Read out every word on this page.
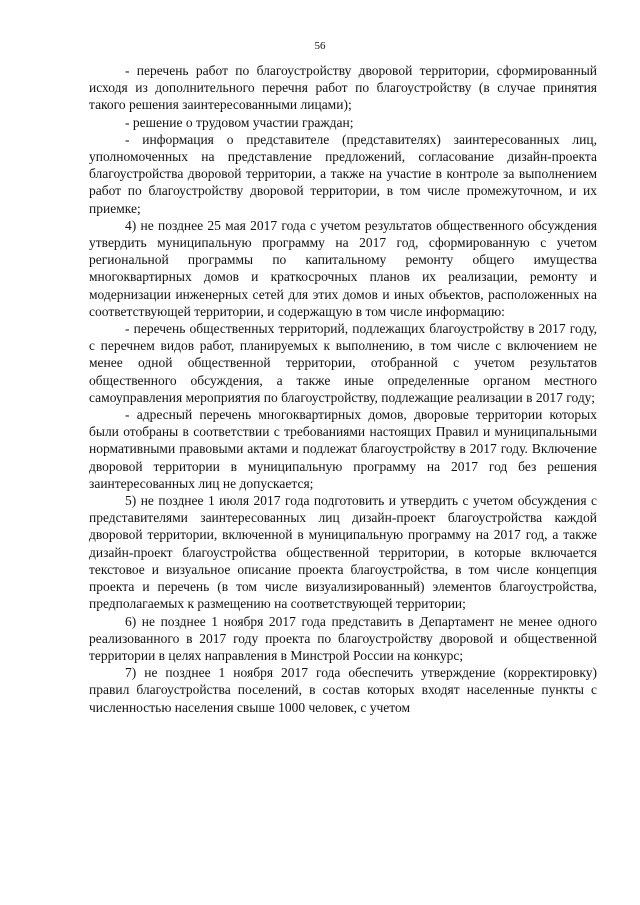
56

- перечень работ по благоустройству дворовой территории, сформированный исходя из дополнительного перечня работ по благоустройству (в случае принятия такого решения заинтересованными лицами);

- решение о трудовом участии граждан;

- информация о представителе (представителях) заинтересованных лиц, уполномоченных на представление предложений, согласование дизайн-проекта благоустройства дворовой территории, а также на участие в контроле за выполнением работ по благоустройству дворовой территории, в том числе промежуточном, и их приемке;

4) не позднее 25 мая 2017 года с учетом результатов общественного обсуждения утвердить муниципальную программу на 2017 год, сформированную с учетом региональной программы по капитальному ремонту общего имущества многоквартирных домов и краткосрочных планов их реализации, ремонту и модернизации инженерных сетей для этих домов и иных объектов, расположенных на соответствующей территории, и содержащую в том числе информацию:

- перечень общественных территорий, подлежащих благоустройству в 2017 году, с перечнем видов работ, планируемых к выполнению, в том числе с включением не менее одной общественной территории, отобранной с учетом результатов общественного обсуждения, а также иные определенные органом местного самоуправления мероприятия по благоустройству, подлежащие реализации в 2017 году;

- адресный перечень многоквартирных домов, дворовые территории которых были отобраны в соответствии с требованиями настоящих Правил и муниципальными нормативными правовыми актами и подлежат благоустройству в 2017 году. Включение дворовой территории в муниципальную программу на 2017 год без решения заинтересованных лиц не допускается;

5) не позднее 1 июля 2017 года подготовить и утвердить с учетом обсуждения с представителями заинтересованных лиц дизайн-проект благоустройства каждой дворовой территории, включенной в муниципальную программу на 2017 год, а также дизайн-проект благоустройства общественной территории, в которые включается текстовое и визуальное описание проекта благоустройства, в том числе концепция проекта и перечень (в том числе визуализированный) элементов благоустройства, предполагаемых к размещению на соответствующей территории;

6) не позднее 1 ноября 2017 года представить в Департамент не менее одного реализованного в 2017 году проекта по благоустройству дворовой и общественной территории в целях направления в Минстрой России на конкурс;

7) не позднее 1 ноября 2017 года обеспечить утверждение (корректировку) правил благоустройства поселений, в состав которых входят населенные пункты с численностью населения свыше 1000 человек, с учетом
